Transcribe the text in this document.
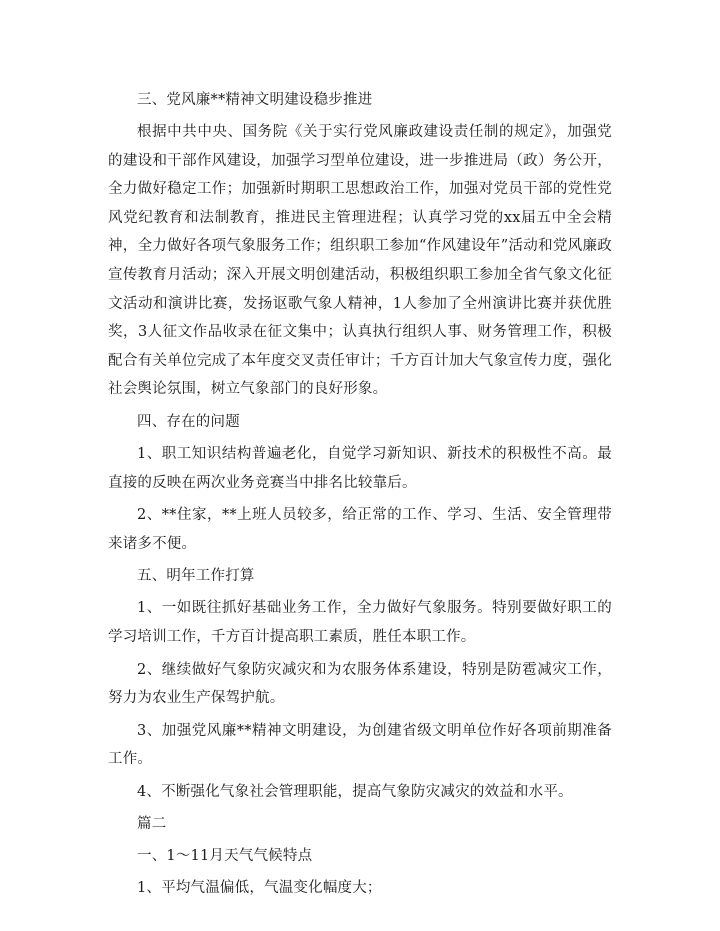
三、党风廉**精神文明建设稳步推进

根据中共中央、国务院《关于实行党风廉政建设责任制的规定》，加强党的建设和干部作风建设，加强学习型单位建设，进一步推进局（政）务公开，全力做好稳定工作；加强新时期职工思想政治工作，加强对党员干部的党性党风党纪教育和法制教育，推进民主管理进程；认真学习党的xx届五中全会精神，全力做好各项气象服务工作；组织职工参加“作风建设年”活动和党风廉政宣传教育月活动；深入开展文明创建活动，积极组织职工参加全省气象文化征文活动和演讲比赛，发扬讴歌气象人精神，1人参加了全州演讲比赛并获优胜奖，3人征文作品收录在征文集中；认真执行组织人事、财务管理工作，积极配合有关单位完成了本年度交叉责任审计；千方百计加大气象宣传力度，强化社会舆论氛围，树立气象部门的良好形象。

四、存在的问题

1、职工知识结构普遍老化，自觉学习新知识、新技术的积极性不高。最直接的反映在两次业务竞赛当中排名比较靠后。

2、**住家，**上班人员较多，给正常的工作、学习、生活、安全管理带来诸多不便。

五、明年工作打算

1、一如既往抓好基础业务工作，全力做好气象服务。特别要做好职工的学习培训工作，千方百计提高职工素质，胜任本职工作。

2、继续做好气象防灾减灾和为农服务体系建设，特别是防雹减灾工作，努力为农业生产保驾护航。

3、加强党风廉**精神文明建设，为创建省级文明单位作好各项前期准备工作。

4、不断强化气象社会管理职能，提高气象防灾减灾的效益和水平。

篇二

一、1～11月天气气候特点

1、平均气温偏低，气温变化幅度大；
